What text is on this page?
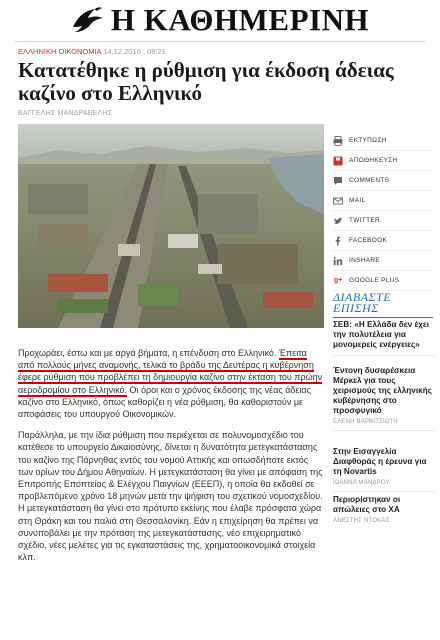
Η ΚΑΘΗΜΕΡΙΝΗ
ΕΛΛΗΝΙΚΗ ΟΙΚΟΝΟΜΙΑ 14.12.2016 : 08:21
Κατατέθηκε η ρύθμιση για έκδοση άδειας καζίνο στο Ελληνικό
ΒΑΓΓΕΛΗΣ ΜΑΝΔΡΑΒΕΛΗΣ
ΕΚΤΥΠΩΣΗ
ΑΠΟΘΗΚΕΥΣΗ
COMMENTS
MAIL
TWITTER
FACEBOOK
INSHARE
g+ GOOGLE PLUS
ΔΙΑΒΑΣΤΕ
ΕΠΙΣΗΣ
ΣΕΒ: «Η Ελλάδα δεν έχει την πολυτέλεια για μονομερείς ενέργειες»
Έντονη δυσαρέσκεια Μέρκελ για τους χειρισμούς της ελληνικής κυβέρνησης στο προσφυγικό
ΕΛΕΝΗ ΒΑΡΒΙΤΣΙΩΤΗ
Στην Εισαγγελία Διαφθοράς η έρευνα για τη Novartis
ΙΩΑΝΝΑ ΜΑΝΔΡΟΥ
Περιορίστηκαν οι απώλειες στο ΧΑ
ΑΝΕΣΤΗΣ ΝΤΟΚΑΣ

Προχωράει, έστω και με αργά βήματα, η επένδυση στο Ελληνικό. Έπειτα από πολλούς μήνες αναμονής, τελικά το βράδυ της Δευτέρας η κυβέρνηση έφερε ρύθμιση που προβλέπει τη δημιουργία καζίνο στην έκταση του πρώην αεροδρομίου στο Ελληνικό. Οι όροι και ο χρόνος έκδοσης της νέας άδειας καζίνο στο Ελληνικό, όπως καθορίζει η νέα ρύθμιση, θα καθοριστούν με αποφάσεις του υπουργού Οικονομικών.

Παράλληλα, με την ίδια ρύθμιση που περιέχεται σε πολυνομοσχέδιο του κατέθεσε το υπουργείο Δικαιοσύνης, δίνεται η δυνατότητα μετεγκατάστασης του καζίνο της Πάρνηθας εντός του νομού Αττικής και οπωσδήποτε εκτός των ορίων του Δήμου Αθηναίων. Η μετεγκατάσταση θα γίνει με απόφαση της Επιτροπής Εποπτείας & Ελέγχου Παιγνίων (ΕΕΕΠ), η οποία θα εκδοθεί σε προβλεπόμενο χρόνο 18 μηνών μετά την ψήφιση του σχετικού νομοσχεδίου. Η μετεγκατάσταση θα γίνει στο πρότυπο εκείνης που έλαβε πρόσφατα χώρα στη Θράκη και του παλιά στη Θεσσαλονίκη. Εάν η επιχείρηση θα πρέπει να συνυποβάλει με την πρόταση της μετεγκατάστασης, νέο επιχειρηματικό σχέδιο, νέες μελέτες για τις εγκαταστάσεις της, χρηματοοικονομικά στοιχεία κλπ.
